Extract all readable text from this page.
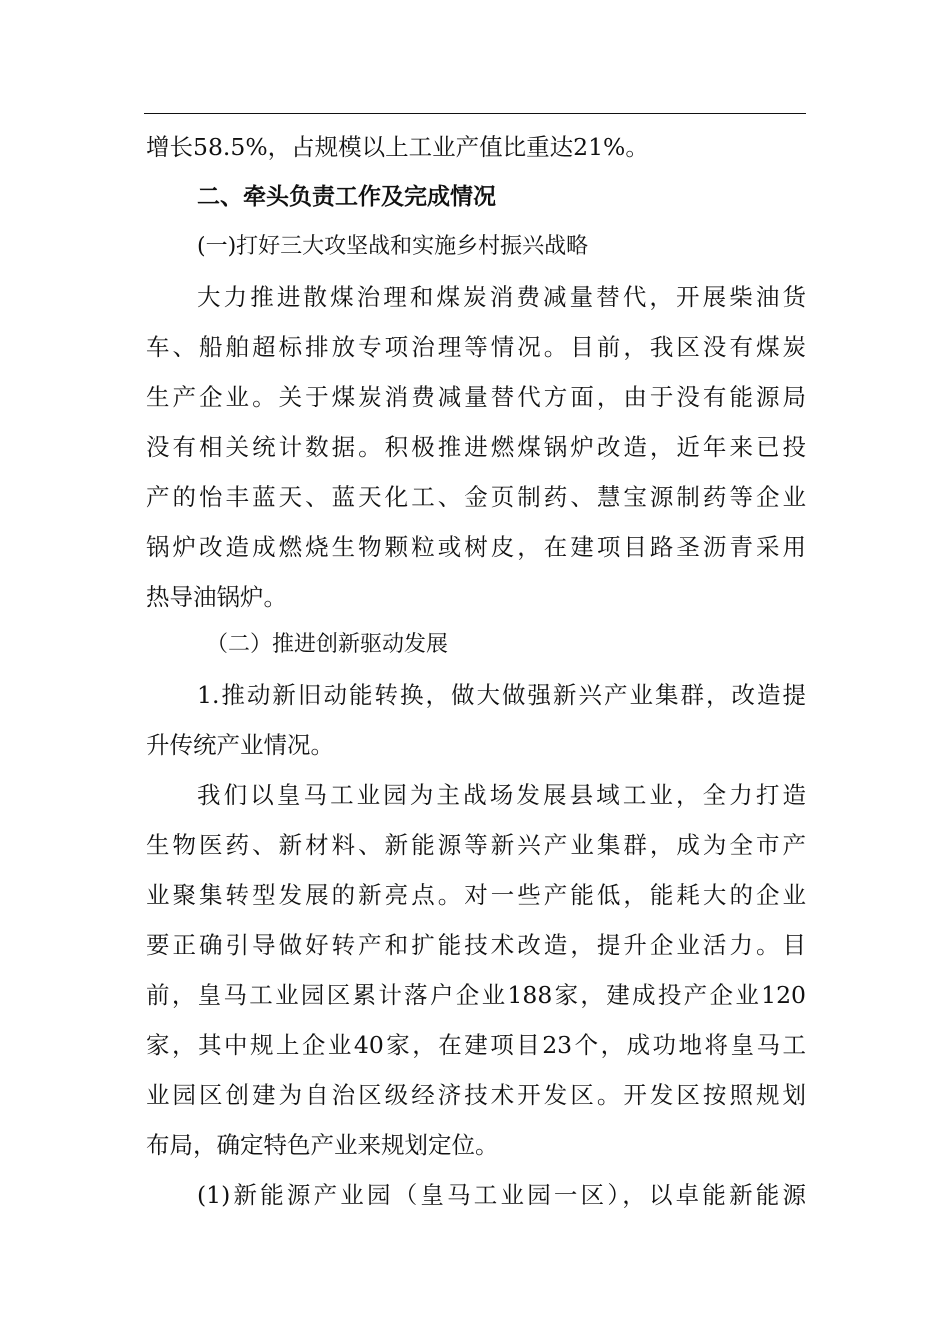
增长58.5%，占规模以上工业产值比重达21%。
二、牵头负责工作及完成情况
(一)打好三大攻坚战和实施乡村振兴战略
大力推进散煤治理和煤炭消费减量替代，开展柴油货
车、船舶超标排放专项治理等情况。目前，我区没有煤炭
生产企业。关于煤炭消费减量替代方面，由于没有能源局
没有相关统计数据。积极推进燃煤锅炉改造，近年来已投
产的怡丰蓝天、蓝天化工、金页制药、慧宝源制药等企业
锅炉改造成燃烧生物颗粒或树皮，在建项目路圣沥青采用
热导油锅炉。
（二）推进创新驱动发展
1.推动新旧动能转换，做大做强新兴产业集群，改造提
升传统产业情况。
我们以皇马工业园为主战场发展县域工业，全力打造
生物医药、新材料、新能源等新兴产业集群，成为全市产
业聚集转型发展的新亮点。对一些产能低，能耗大的企业
要正确引导做好转产和扩能技术改造，提升企业活力。目
前，皇马工业园区累计落户企业188家，建成投产企业120
家，其中规上企业40家，在建项目23个，成功地将皇马工
业园区创建为自治区级经济技术开发区。开发区按照规划
布局，确定特色产业来规划定位。
(1)新能源产业园（皇马工业园一区），以卓能新能源
